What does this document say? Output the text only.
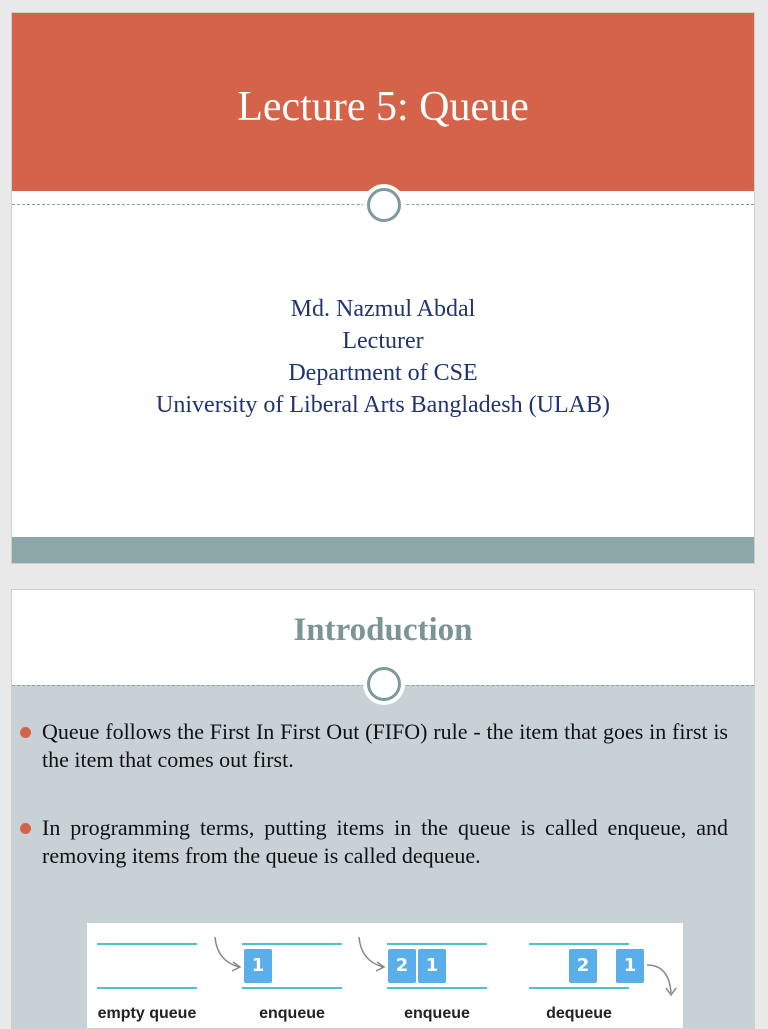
Lecture 5: Queue
Md. Nazmul Abdal
Lecturer
Department of CSE
University of Liberal Arts Bangladesh (ULAB)
Introduction
Queue follows the First In First Out (FIFO) rule - the item that goes in first is the item that comes out first.
In programming terms, putting items in the queue is called enqueue, and removing items from the queue is called dequeue.
1	2 1	2	1
empty queue	enqueue	enqueue	dequeue
